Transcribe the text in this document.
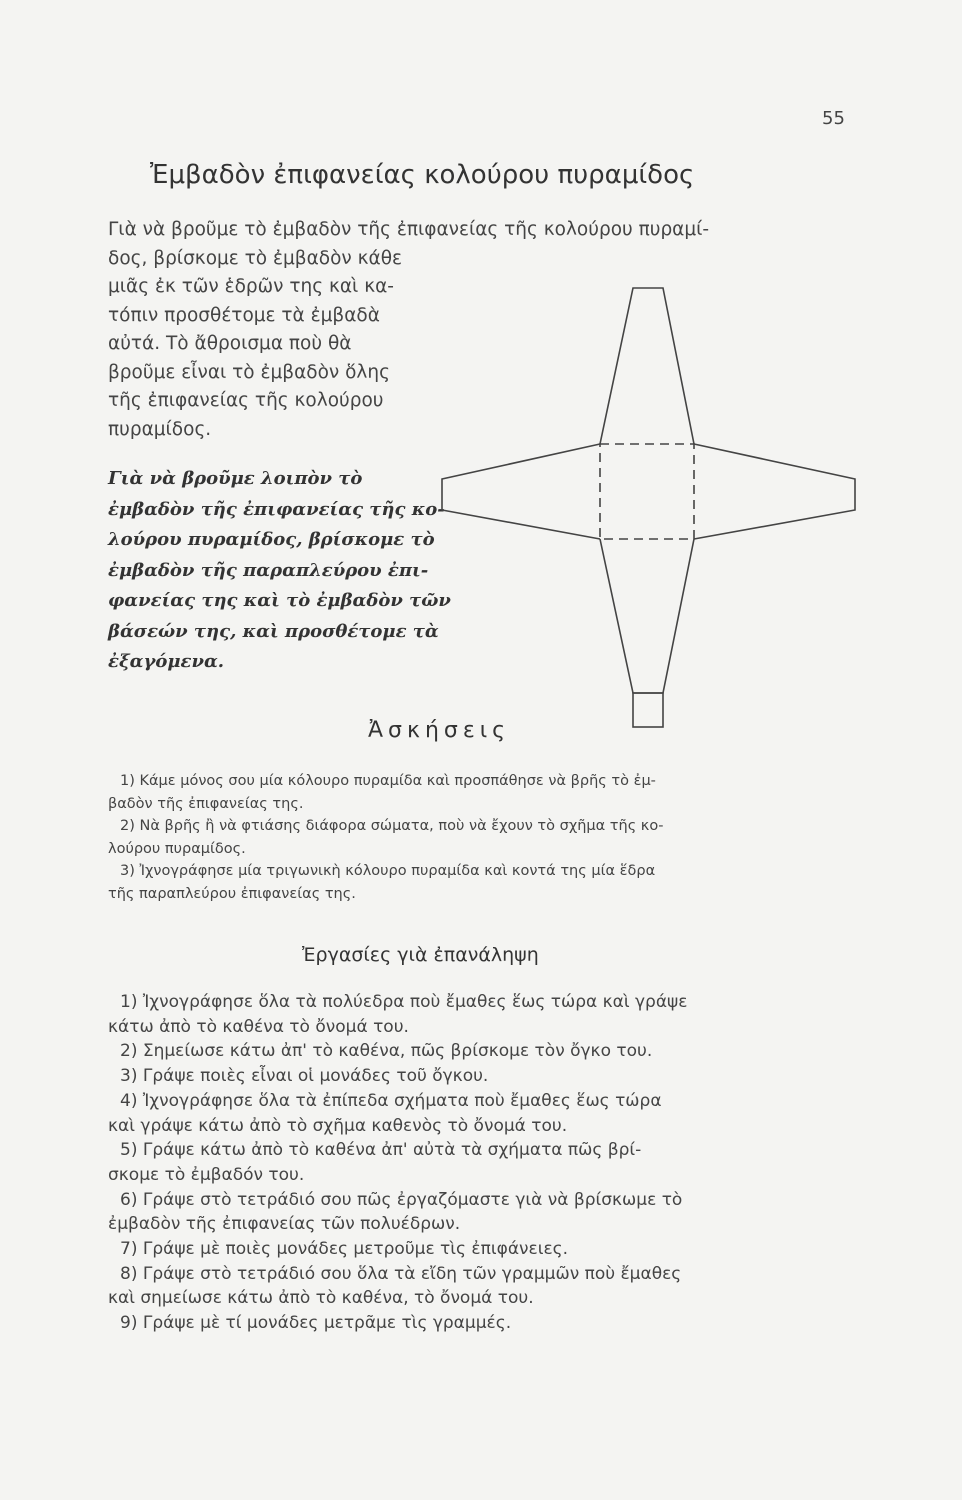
55
Ἐμβαδὸν ἐπιφανείας κολούρου πυραμίδος
Γιὰ νὰ βροῦμε τὸ ἐμβαδὸν τῆς ἐπιφανείας τῆς κολούρου πυραμί-
δος, βρίσκομε τὸ ἐμβαδὸν κάθε
μιᾶς ἐκ τῶν ἑδρῶν της καὶ κα-
τόπιν προσθέτομε τὰ ἐμβαδὰ
αὐτά. Τὸ ἄθροισμα ποὺ θὰ
βροῦμε εἶναι τὸ ἐμβαδὸν ὅλης
τῆς ἐπιφανείας τῆς κολούρου
πυραμίδος.
Γιὰ νὰ βροῦμε λοιπὸν τὸ
ἐμβαδὸν τῆς ἐπιφανείας τῆς κο-
λούρου πυραμίδος, βρίσκομε τὸ
ἐμβαδὸν τῆς παραπλεύρου ἐπι-
φανείας της καὶ τὸ ἐμβαδὸν τῶν
βάσεών της, καὶ προσθέτομε τὰ
ἐξαγόμενα.
Ἀσκήσεις
1) Κάμε μόνος σου μία κόλουρο πυραμίδα καὶ προσπάθησε νὰ βρῆς τὸ ἐμ-
βαδὸν τῆς ἐπιφανείας της.
2) Νὰ βρῆς ἢ νὰ φτιάσης διάφορα σώματα, ποὺ νὰ ἔχουν τὸ σχῆμα τῆς κο-
λούρου πυραμίδος.
3) Ἰχνογράφησε μία τριγωνικὴ κόλουρο πυραμίδα καὶ κοντά της μία ἕδρα
τῆς παραπλεύρου ἐπιφανείας της.
Ἐργασίες γιὰ ἐπανάληψη
1) Ἰχνογράφησε ὅλα τὰ πολύεδρα ποὺ ἔμαθες ἕως τώρα καὶ γράψε
κάτω ἀπὸ τὸ καθένα τὸ ὄνομά του.
2) Σημείωσε κάτω ἀπ' τὸ καθένα, πῶς βρίσκομε τὸν ὄγκο του.
3) Γράψε ποιὲς εἶναι οἱ μονάδες τοῦ ὄγκου.
4) Ἰχνογράφησε ὅλα τὰ ἐπίπεδα σχήματα ποὺ ἔμαθες ἕως τώρα
καὶ γράψε κάτω ἀπὸ τὸ σχῆμα καθενὸς τὸ ὄνομά του.
5) Γράψε κάτω ἀπὸ τὸ καθένα ἀπ' αὐτὰ τὰ σχήματα πῶς βρί-
σκομε τὸ ἐμβαδόν του.
6) Γράψε στὸ τετράδιό σου πῶς ἐργαζόμαστε γιὰ νὰ βρίσκωμε τὸ
ἐμβαδὸν τῆς ἐπιφανείας τῶν πολυέδρων.
7) Γράψε μὲ ποιὲς μονάδες μετροῦμε τὶς ἐπιφάνειες.
8) Γράψε στὸ τετράδιό σου ὅλα τὰ εἴδη τῶν γραμμῶν ποὺ ἔμαθες
καὶ σημείωσε κάτω ἀπὸ τὸ καθένα, τὸ ὄνομά του.
9) Γράψε μὲ τί μονάδες μετρᾶμε τὶς γραμμές.
